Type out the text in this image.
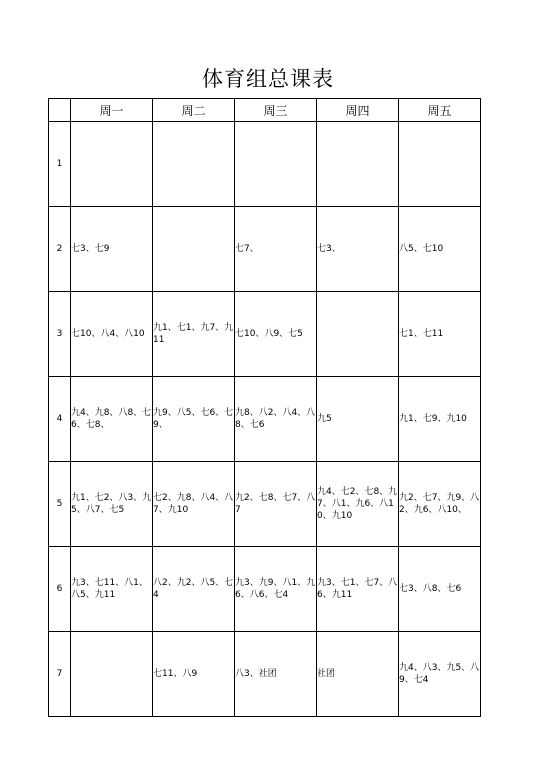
体育组总课表
	周一	周二	周三	周四	周五
1					
2	七3、七9		七7、	七3、	八5、七10
3	七10、八4、八10	九1、七1、九7、九11	七10、八9、七5		七1、七11
4	九4、九8、八8、七6、七8、	九9、八5、七6、七9、	九8、八2、八4、八8、七6	九5	九1、七9、九10
5	九1、七2、八3、九5、八7、七5	七2、九8、八4、八7、九10	九2、七8、七7、八7	九4、七2、七8、九7、八1、九6、八10、九10	九2、七7、九9、八2、九6、八10、
6	九3、七11、八1、八5、九11	八2、九2、八5、七4	九3、九9、八1、九6、八6、七4	九3、七1、七7、八6、九11	七3、八8、七6
7		七11、八9	八3、社团	社团	九4、八3、九5、八9、七4
